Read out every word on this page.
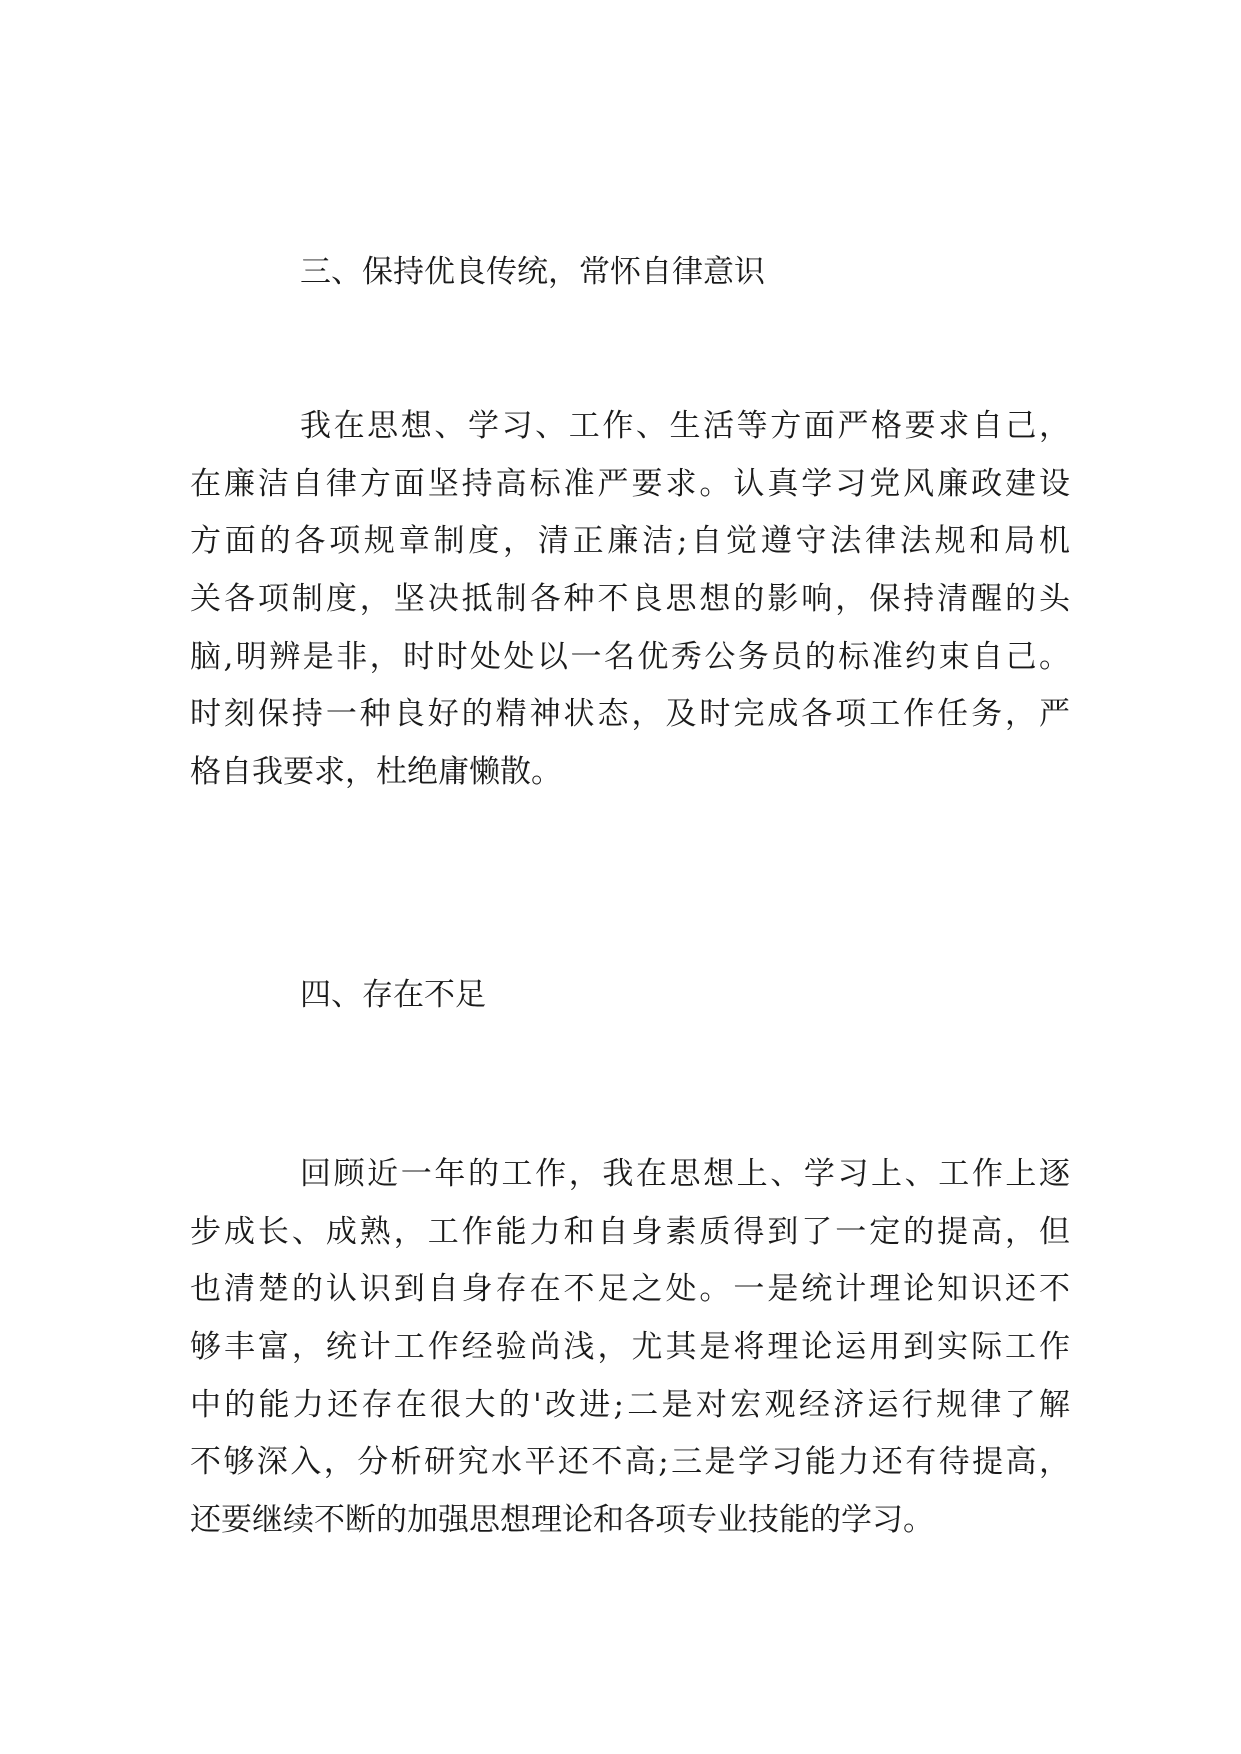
三、保持优良传统，常怀自律意识
我在思想、学习、工作、生活等方面严格要求自己，
在廉洁自律方面坚持高标准严要求。认真学习党风廉政建设
方面的各项规章制度，清正廉洁;自觉遵守法律法规和局机
关各项制度，坚决抵制各种不良思想的影响，保持清醒的头
脑,明辨是非，时时处处以一名优秀公务员的标准约束自己。
时刻保持一种良好的精神状态，及时完成各项工作任务，严
格自我要求，杜绝庸懒散。
四、存在不足
回顾近一年的工作，我在思想上、学习上、工作上逐
步成长、成熟，工作能力和自身素质得到了一定的提高，但
也清楚的认识到自身存在不足之处。一是统计理论知识还不
够丰富，统计工作经验尚浅，尤其是将理论运用到实际工作
中的能力还存在很大的'改进;二是对宏观经济运行规律了解
不够深入，分析研究水平还不高;三是学习能力还有待提高，
还要继续不断的加强思想理论和各项专业技能的学习。
